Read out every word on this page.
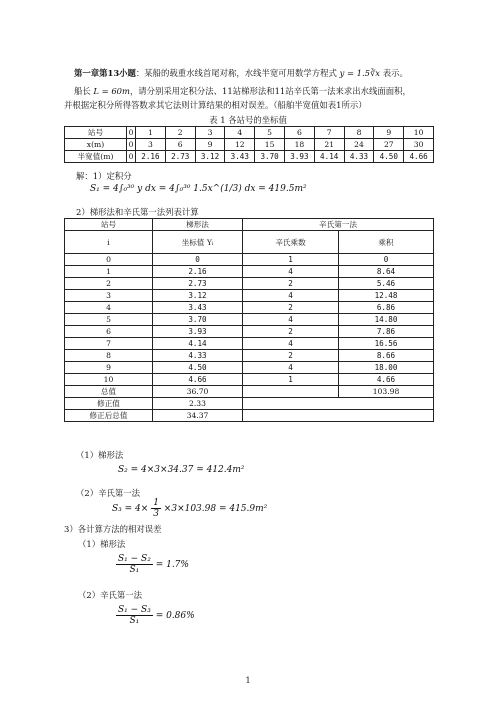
第一章第13小题：某船的载重水线首尾对称，水线半宽可用数学方程式 y = 1.5∛x 表示。
船长 L = 60m，请分别采用定积分法、11站梯形法和11站辛氏第一法来求出水线面面积，
并根据定积分所得答数求其它法则计算结果的相对误差。（船舶半宽值如表1所示）
表 1 各站号的坐标值
站号	0	1	2	3	4	5	6	7	8	9	10
x(m)	0	3	6	9	12	15	18	21	24	27	30
半宽值(m)	0	2.16	2.73	3.12	3.43	3.70	3.93	4.14	4.33	4.50	4.66
解：1）定积分
S₁ = 4∫₀³⁰ y dx = 4∫₀³⁰ 1.5x^(1/3) dx = 419.5m²
2）梯形法和辛氏第一法列表计算
站号	梯形法	辛氏第一法	
i	坐标值 Yᵢ	辛氏乘数	乘积
0	0	1	0
1	2.16	4	8.64
2	2.73	2	5.46
3	3.12	4	12.48
4	3.43	2	6.86
5	3.70	4	14.80
6	3.93	2	7.86
7	4.14	4	16.56
8	4.33	2	8.66
9	4.50	4	18.00
10	4.66	1	4.66
总值	36.70		103.98
修正值	2.33		
修正后总值	34.37		
（1）梯形法
S₂ = 4×3×34.37 = 412.4m²
（2）辛氏第一法
$S_3 = 4\times \frac{1}{3} \times 3\times 103.98 = 415.9m^2$
3）各计算方法的相对误差
（1）梯形法
$\frac{\text{S₁ − S₂}}{\text{S₁}} = 1.7\%$
（2）辛氏第一法
$\frac{\text{S₁ − S₃}}{\text{S₁}} = 0.86\%$
1
